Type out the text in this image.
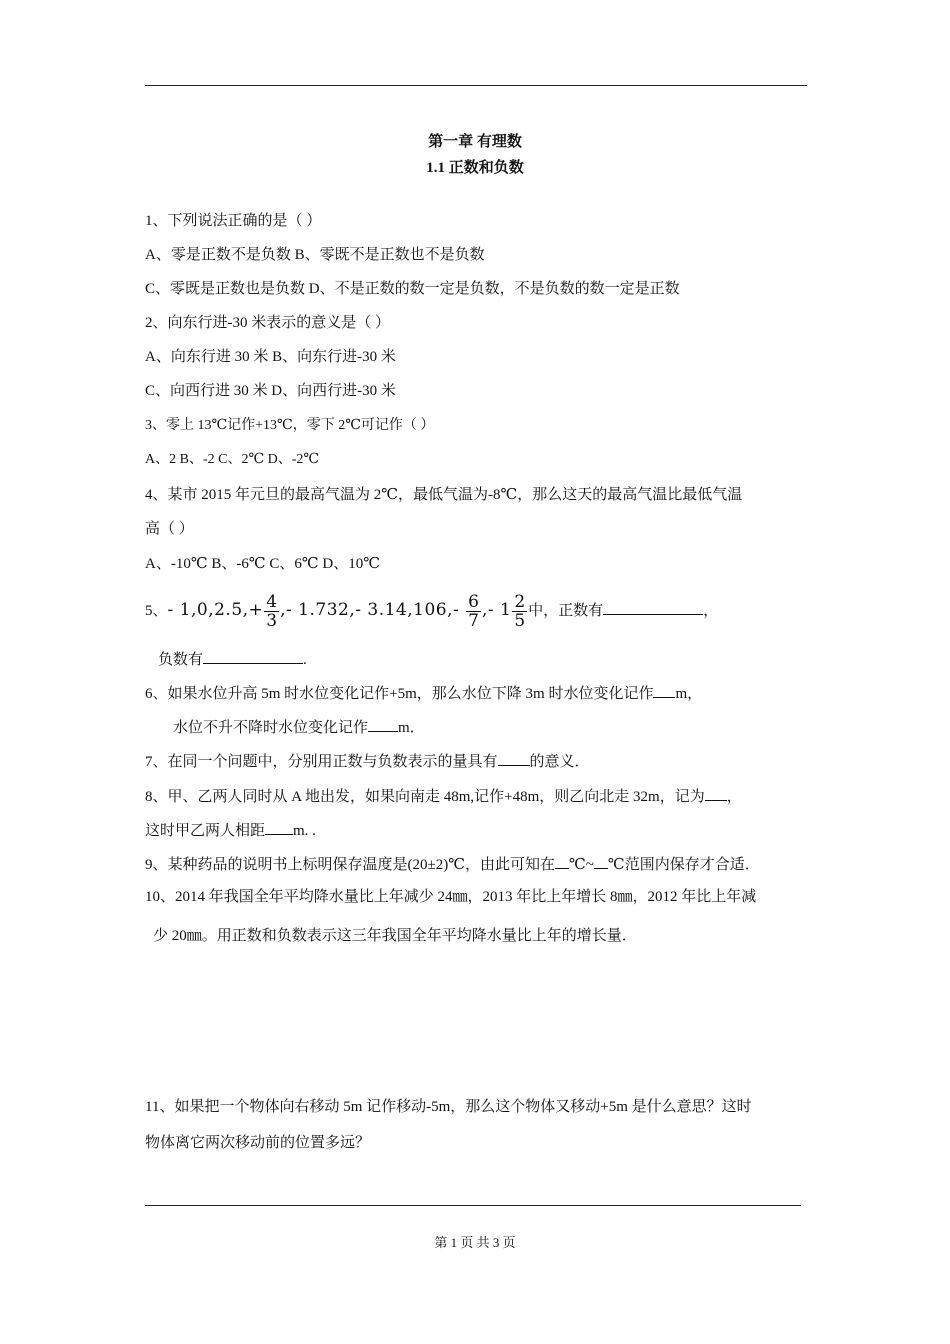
第一章 有理数
1.1 正数和负数
1、下列说法正确的是（ ）
A、零是正数不是负数 B、零既不是正数也不是负数
C、零既是正数也是负数 D、不是正数的数一定是负数，不是负数的数一定是正数
2、向东行进-30 米表示的意义是（ ）
A、向东行进 30 米 B、向东行进-30 米
C、向西行进 30 米 D、向西行进-30 米
3、零上 13℃记作+13℃，零下 2℃可记作（ ）
A、2 B、-2 C、2℃ D、-2℃
4、某市 2015 年元旦的最高气温为 2℃，最低气温为-8℃，那么这天的最高气温比最低气温
高（ ）
A、-10℃ B、-6℃ C、6℃ D、10℃
5、- $1,0,2.5,+ \frac{4}{3}$ ,- 1.732,- $3.14,106,- \frac{6}{7}$ ,- $1 \frac{2}{5}$ 中，正数有	，
负数有	.
6、如果水位升高 5m 时水位变化记作+5m，那么水位下降 3m 时水位变化记作 m，
水位不升不降时水位变化记作 m．
7、在同一个问题中，分别用正数与负数表示的量具有 的意义．
8、甲、乙两人同时从 A 地出发，如果向南走 48m,记作+48m，则乙向北走 32m，记为 ，
这时甲乙两人相距 m. .
9、某种药品的说明书上标明保存温度是(20±2)℃，由此可知在 ℃~ ℃范围内保存才合适．
10、2014 年我国全年平均降水量比上年减少 24㎜，2013 年比上年增长 8㎜，2012 年比上年减
少 20㎜。用正数和负数表示这三年我国全年平均降水量比上年的增长量．
11、如果把一个物体向右移动 5m 记作移动-5m，那么这个物体又移动+5m 是什么意思？这时
物体离它两次移动前的位置多远？
第 1 页 共 3 页
